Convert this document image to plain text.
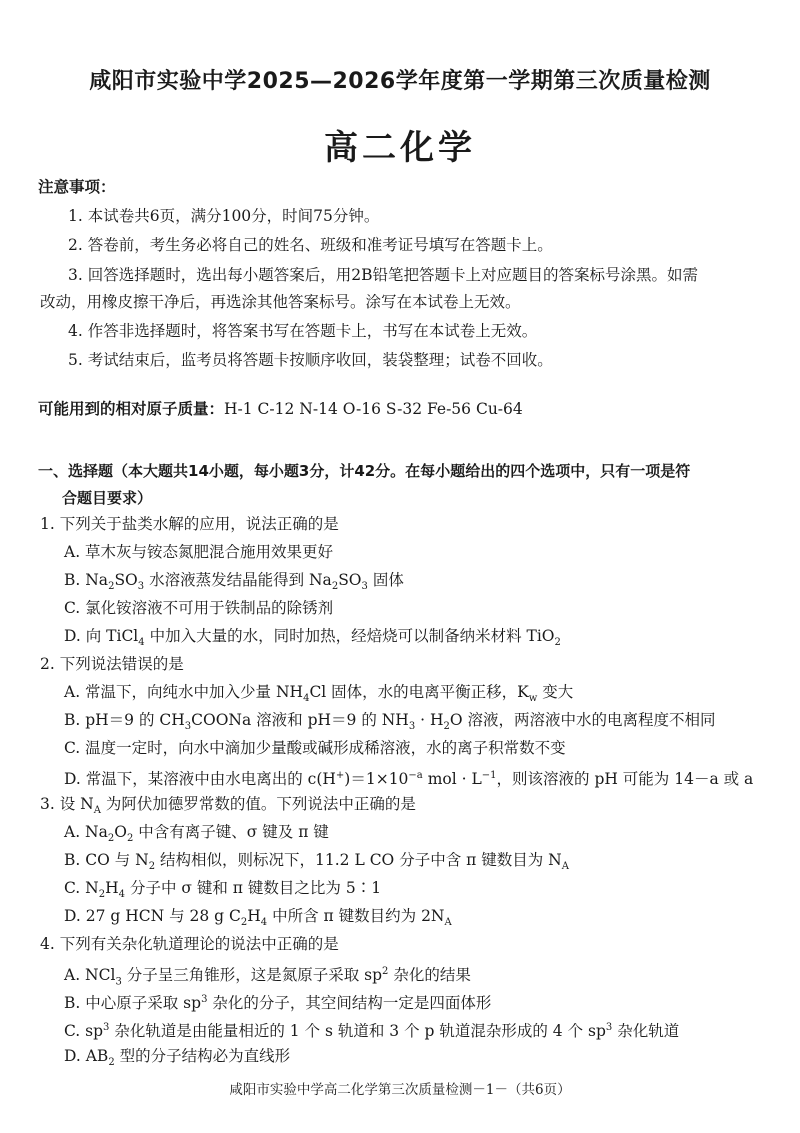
咸阳市实验中学2025—2026学年度第一学期第三次质量检测
高二化学
注意事项：
1. 本试卷共6页，满分100分，时间75分钟。
2. 答卷前，考生务必将自己的姓名、班级和准考证号填写在答题卡上。
3. 回答选择题时，选出每小题答案后，用2B铅笔把答题卡上对应题目的答案标号涂黑。如需
改动，用橡皮擦干净后，再选涂其他答案标号。涂写在本试卷上无效。
4. 作答非选择题时，将答案书写在答题卡上，书写在本试卷上无效。
5. 考试结束后，监考员将答题卡按顺序收回，装袋整理；试卷不回收。
可能用到的相对原子质量：H-1 C-12 N-14 O-16 S-32 Fe-56 Cu-64
一、选择题（本大题共14小题，每小题3分，计42分。在每小题给出的四个选项中，只有一项是符
合题目要求）
1. 下列关于盐类水解的应用，说法正确的是
A. 草木灰与铵态氮肥混合施用效果更好
B. $Na_2SO_3$ 水溶液蒸发结晶能得到 $Na_2SO_3$ 固体
C. 氯化铵溶液不可用于铁制品的除锈剂
D. 向 TiCl$_4$ 中加入大量的水，同时加热，经焙烧可以制备纳米材料 TiO$_2$
2. 下列说法错误的是
A. 常温下，向纯水中加入少量 $NH_4Cl$ 固体，水的电离平衡正移，$K_w$ 变大
B. pH＝9 的 $CH_3COONa$ 溶液和 pH＝9 的 $NH_3 \cdot H_2O$ 溶液，两溶液中水的电离程度不相同
C. 温度一定时，向水中滴加少量酸或碱形成稀溶液，水的离子积常数不变
D. 常温下，某溶液中由水电离出的 $c(H^+)=1\times 10^{-a}$ mol · $L^{-1}$，则该溶液的 pH 可能为 14－a 或 a
3. 设 $N_A$ 为阿伏加德罗常数的值。下列说法中正确的是
A. $Na_2O_2$ 中含有离子键、σ 键及 π 键
B. CO 与 $N_2$ 结构相似，则标况下，11.2 L CO 分子中含 π 键数目为 $N_A$
C. $N_2H_4$ 分子中 σ 键和 π 键数目之比为 5∶1
D. 27 g HCN 与 28 g $C_2H_4$ 中所含 π 键数目约为 $2N_A$
4. 下列有关杂化轨道理论的说法中正确的是
A. NCl$_3$ 分子呈三角锥形，这是氮原子采取 $sp^2$ 杂化的结果
B. 中心原子采取 $sp^3$ 杂化的分子，其空间结构一定是四面体形
C. $sp^3$ 杂化轨道是由能量相近的 1 个 s 轨道和 3 个 p 轨道混杂形成的 4 个 $sp^3$ 杂化轨道
D. $AB_2$ 型的分子结构必为直线形
咸阳市实验中学高二化学第三次质量检测－1－（共6页）
